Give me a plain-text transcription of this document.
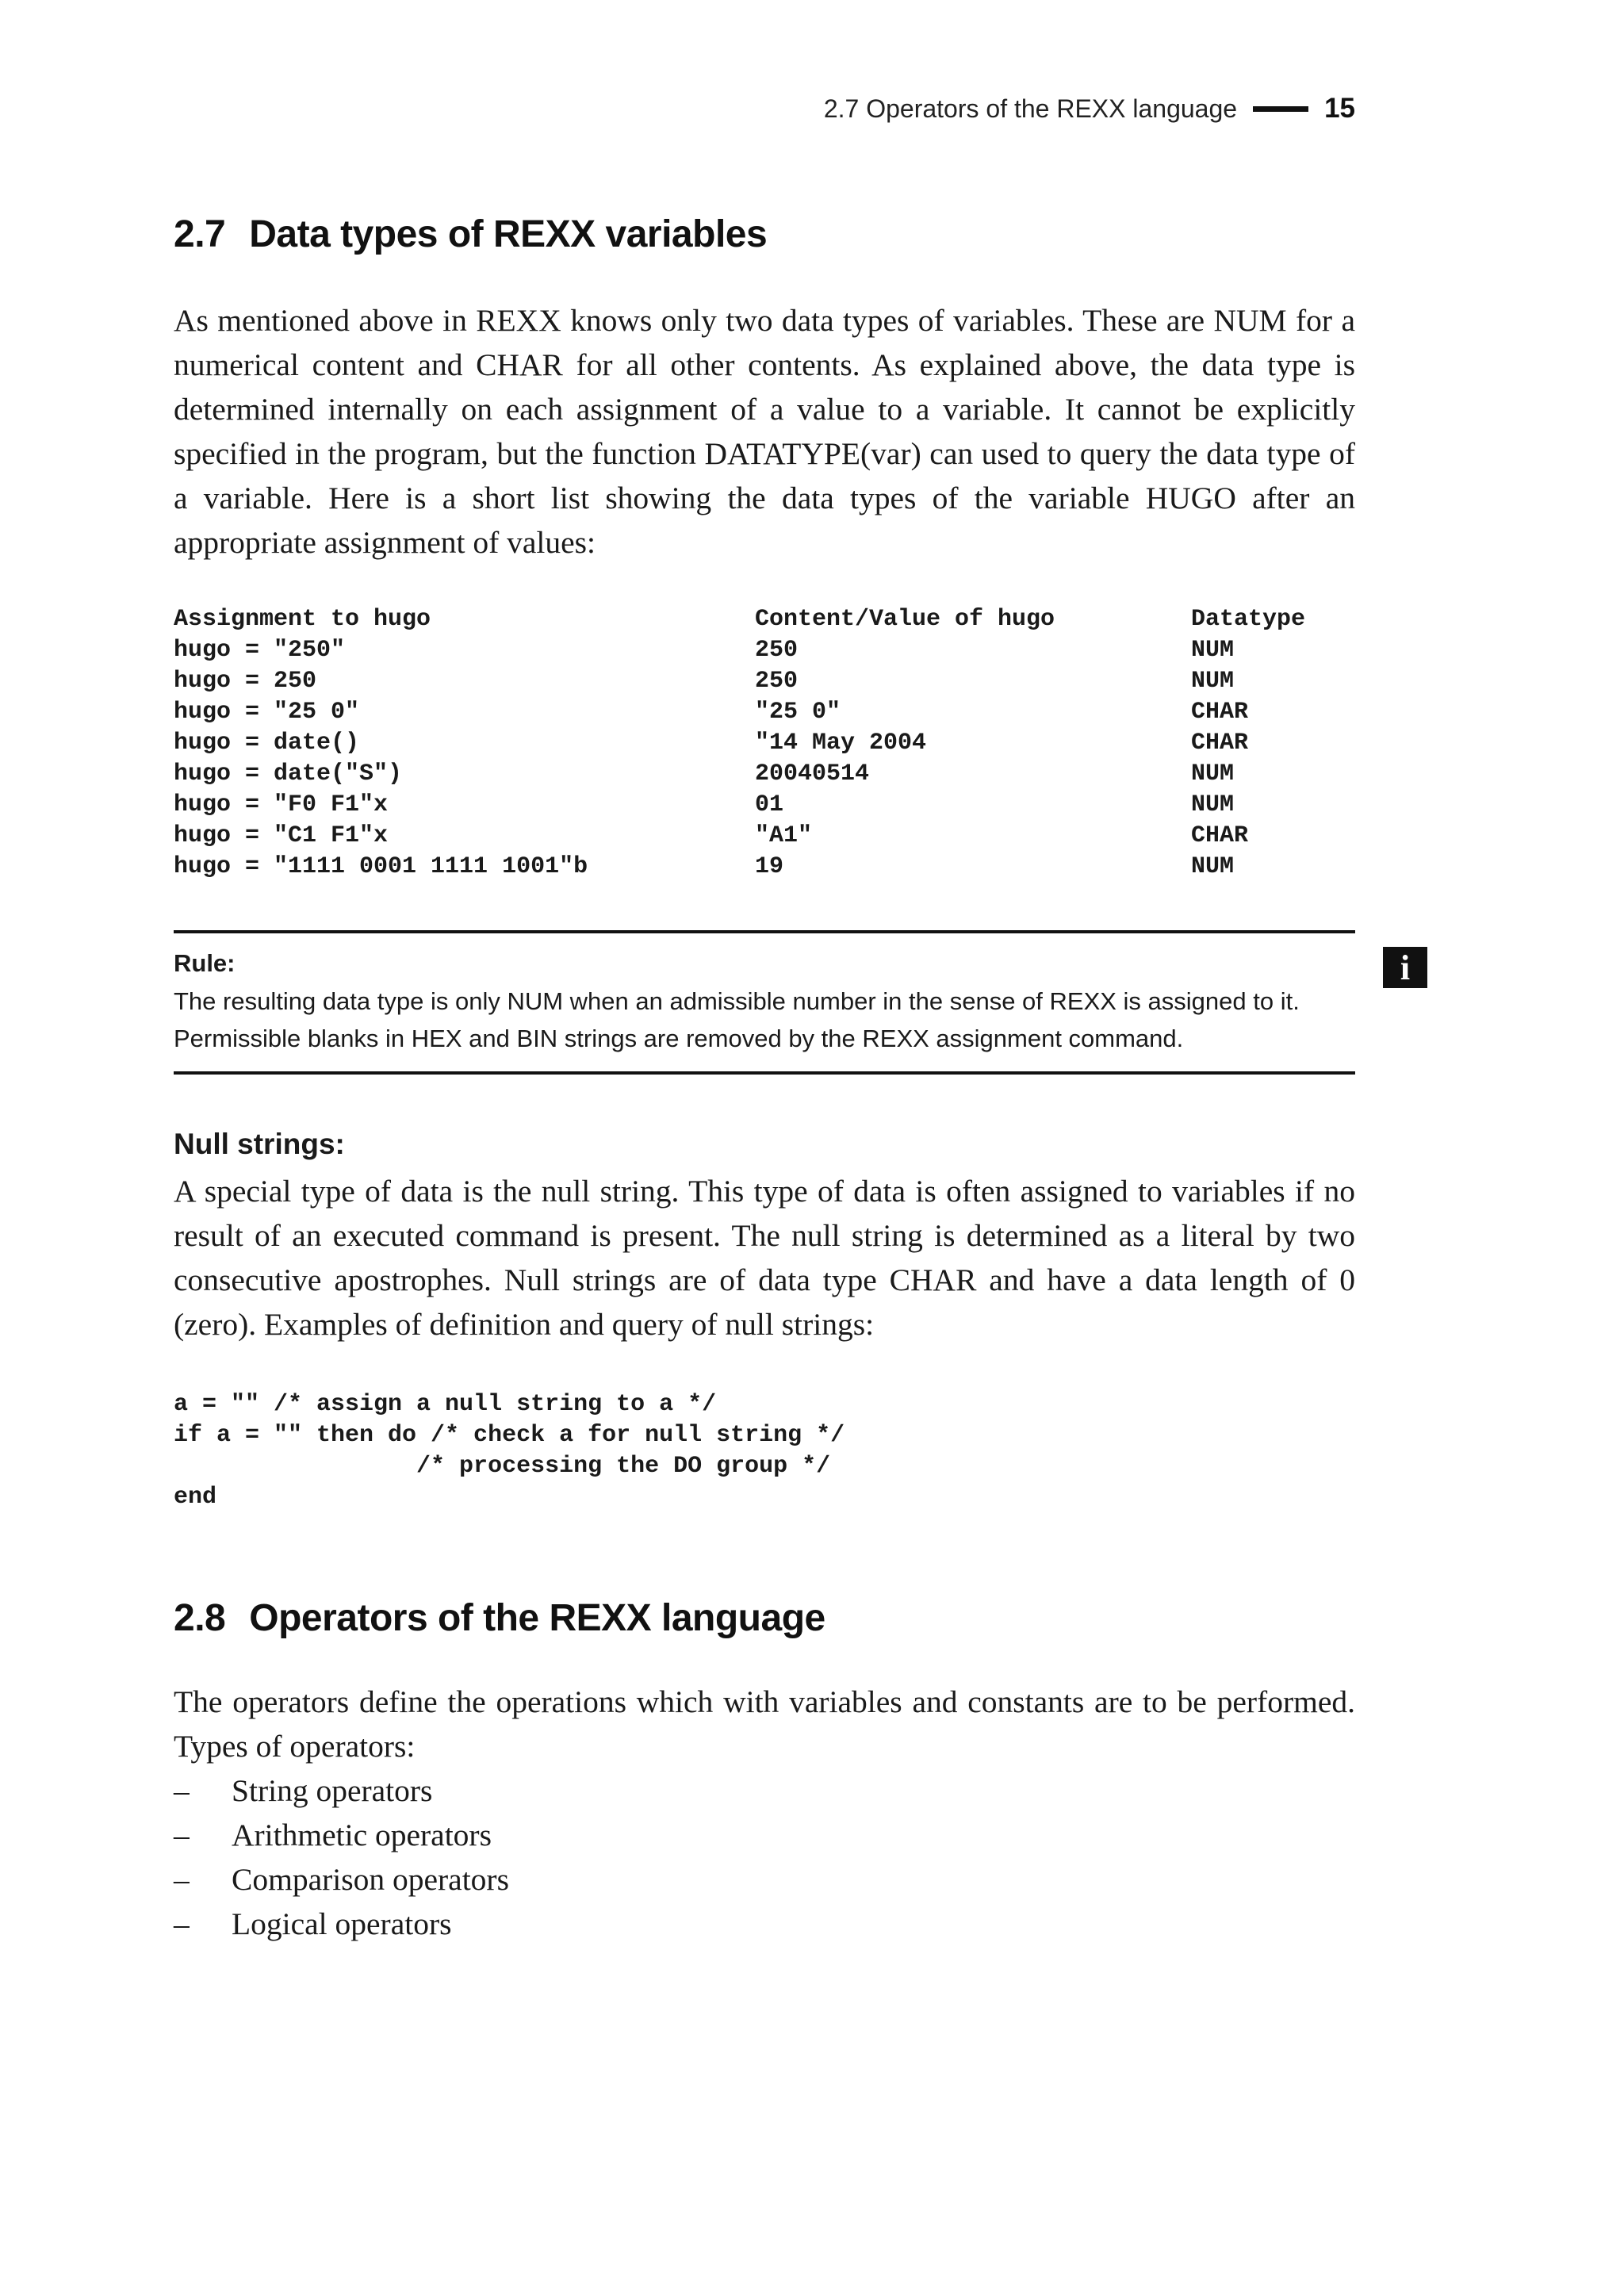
2.7 Operators of the REXX language	15
2.7 Data types of REXX variables

As mentioned above in REXX knows only two data types of variables. These are NUM for a numerical content and CHAR for all other contents. As explained above, the data type is determined internally on each assignment of a value to a variable. It cannot be explicitly specified in the program, but the function DATATYPE(var) can used to query the data type of a variable. Here is a short list showing the data types of the variable HUGO after an appropriate assignment of values:

Assignment to hugo	Content/Value of hugo	Datatype
hugo = "250"	250	NUM
hugo = 250	250	NUM
hugo = "25 0"	"25 0"	CHAR
hugo = date()	"14 May 2004	CHAR
hugo = date("S")	20040514	NUM
hugo = "F0 F1"x	01	NUM
hugo = "C1 F1"x	"A1"	CHAR
hugo = "1111 0001 1111 1001"b	19	NUM
Rule:
The resulting data type is only NUM when an admissible number in the sense of REXX is assigned to it. Permissible blanks in HEX and BIN strings are removed by the REXX assignment command.
i
Null strings:

A special type of data is the null string. This type of data is often assigned to variables if no result of an executed command is present. The null string is determined as a literal by two consecutive apostrophes. Null strings are of data type CHAR and have a data length of 0 (zero). Examples of definition and query of null strings:

a = "" /* assign a null string to a */
if a = "" then do /* check a for null string */
/* processing the DO group */
end
2.8 Operators of the REXX language

The operators define the operations which with variables and constants are to be performed. Types of operators:

–	String operators
–	Arithmetic operators
–	Comparison operators
–	Logical operators
